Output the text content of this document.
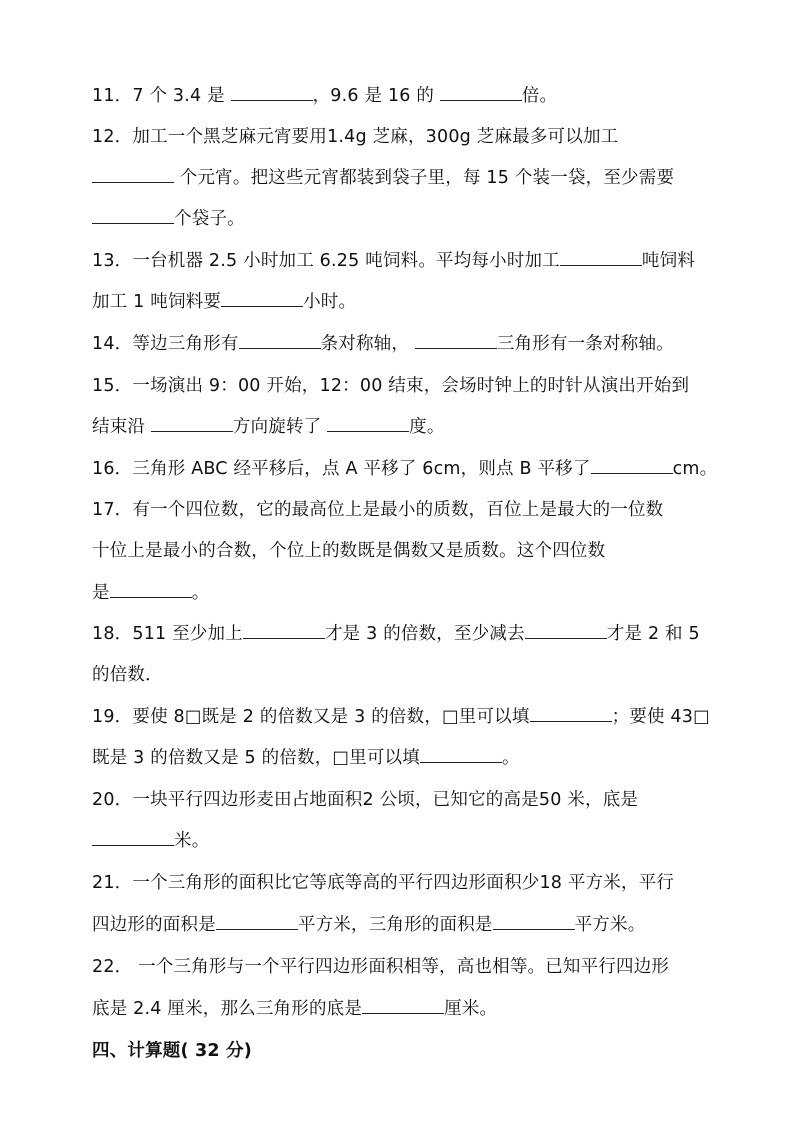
11．7 个 3.4 是	，9.6 是 16 的	倍。
12．加工一个黑芝麻元宵要用1.4g 芝麻，300g 芝麻最多可以加工
个元宵。把这些元宵都装到袋子里，每 15 个装一袋，至少需要
个袋子。
13．一台机器 2.5 小时加工 6.25 吨饲料。平均每小时加工	吨饲料
加工 1 吨饲料要	小时。
14．等边三角形有	条对称轴，	三角形有一条对称轴。
15．一场演出 9：00 开始，12：00 结束，会场时钟上的时针从演出开始到
结束沿	方向旋转了	度。
16．三角形 ABC 经平移后，点 A 平移了 6cm，则点 B 平移了	cm。
17．有一个四位数，它的最高位上是最小的质数，百位上是最大的一位数
十位上是最小的合数，个位上的数既是偶数又是质数。这个四位数
是	。
18．511 至少加上	才是 3 的倍数，至少减去	才是 2 和 5
的倍数．
19．要使 8□既是 2 的倍数又是 3 的倍数，□里可以填	；要使 43□
既是 3 的倍数又是 5 的倍数，□里可以填	。
20．一块平行四边形麦田占地面积2 公顷，已知它的高是50 米，底是
米。
21．一个三角形的面积比它等底等高的平行四边形面积少18 平方米，平行
四边形的面积是	平方米，三角形的面积是	平方米。
22． 一个三角形与一个平行四边形面积相等，高也相等。已知平行四边形
底是 2.4 厘米，那么三角形的底是	厘米。
四、计算题( 32 分)
